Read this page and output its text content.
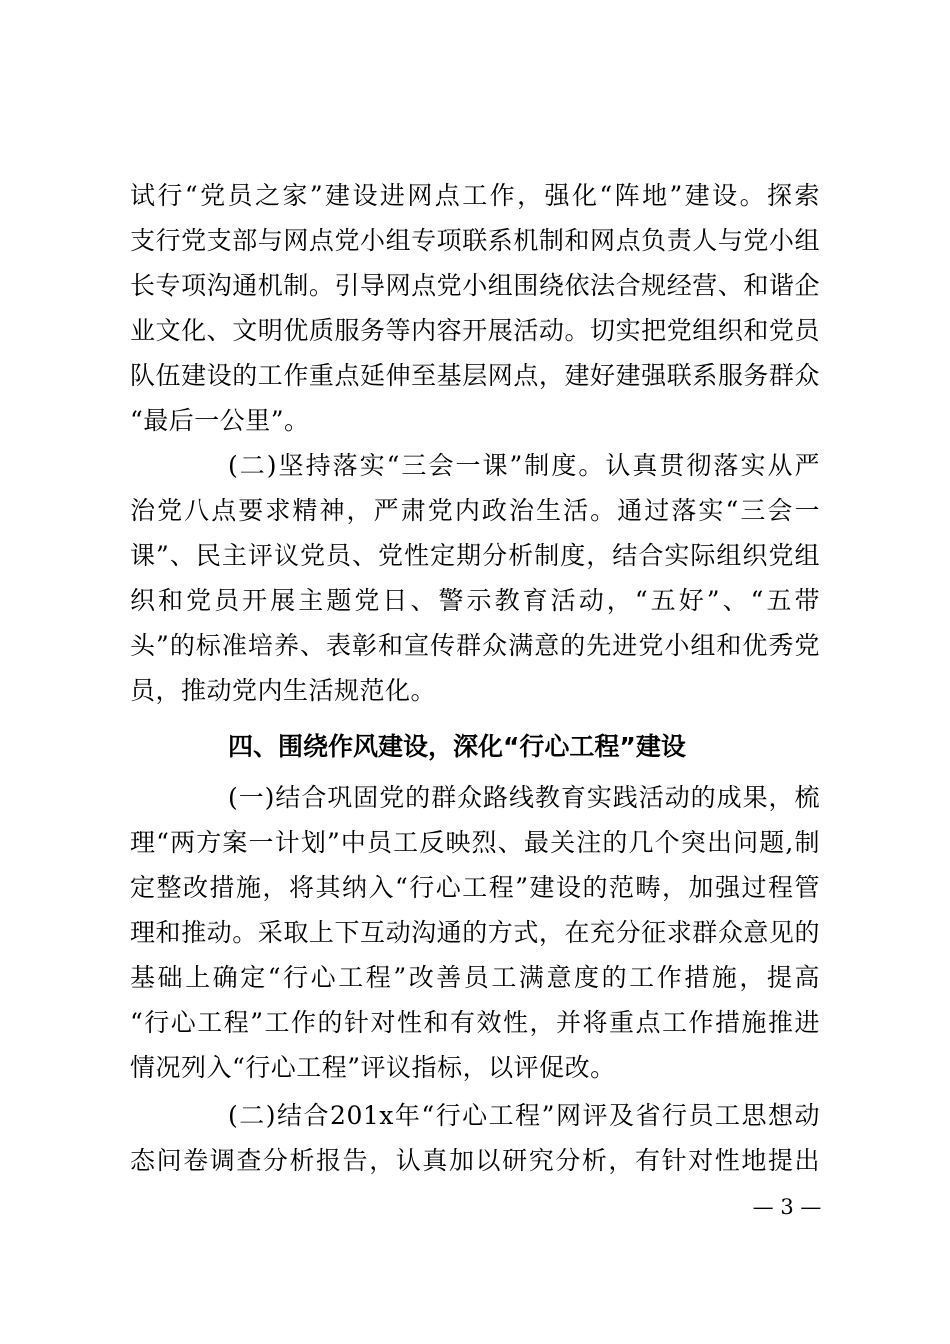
试行“党员之家”建设进网点工作，强化“阵地”建设。探索
支行党支部与网点党小组专项联系机制和网点负责人与党小组
长专项沟通机制。引导网点党小组围绕依法合规经营、和谐企
业文化、文明优质服务等内容开展活动。切实把党组织和党员
队伍建设的工作重点延伸至基层网点，建好建强联系服务群众
“最后一公里”。
(二)坚持落实“三会一课”制度。认真贯彻落实从严
治党八点要求精神，严肃党内政治生活。通过落实“三会一
课”、民主评议党员、党性定期分析制度，结合实际组织党组
织和党员开展主题党日、警示教育活动，“五好”、“五带
头”的标准培养、表彰和宣传群众满意的先进党小组和优秀党
员，推动党内生活规范化。
四、围绕作风建设，深化“行心工程”建设
(一)结合巩固党的群众路线教育实践活动的成果，梳
理“两方案一计划”中员工反映烈、最关注的几个突出问题,制
定整改措施，将其纳入“行心工程”建设的范畴，加强过程管
理和推动。采取上下互动沟通的方式，在充分征求群众意见的
基础上确定“行心工程”改善员工满意度的工作措施，提高
“行心工程”工作的针对性和有效性，并将重点工作措施推进
情况列入“行心工程”评议指标，以评促改。
(二)结合201x年“行心工程”网评及省行员工思想动
态问卷调查分析报告，认真加以研究分析，有针对性地提出
— 3 —
